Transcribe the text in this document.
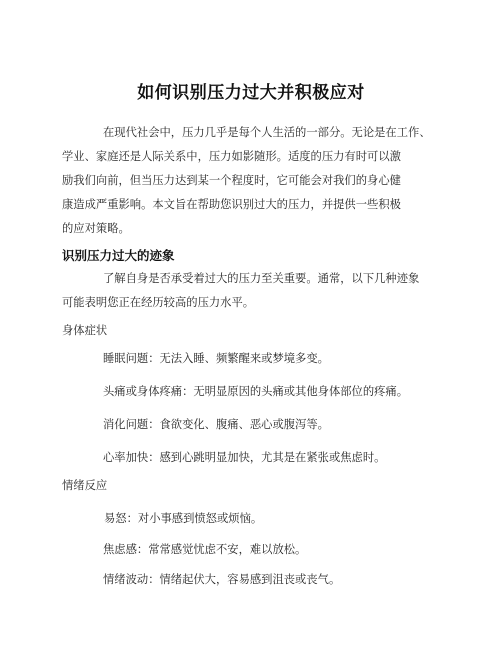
如何识别压力过大并积极应对
在现代社会中，压力几乎是每个人生活的一部分。无论是在工作、
学业、家庭还是人际关系中，压力如影随形。适度的压力有时可以激
励我们向前，但当压力达到某一个程度时，它可能会对我们的身心健
康造成严重影响。本文旨在帮助您识别过大的压力，并提供一些积极
的应对策略。
识别压力过大的迹象
了解自身是否承受着过大的压力至关重要。通常，以下几种迹象
可能表明您正在经历较高的压力水平。
身体症状
睡眠问题：无法入睡、频繁醒来或梦境多变。
头痛或身体疼痛：无明显原因的头痛或其他身体部位的疼痛。
消化问题：食欲变化、腹痛、恶心或腹泻等。
心率加快：感到心跳明显加快，尤其是在紧张或焦虑时。
情绪反应
易怒：对小事感到愤怒或烦恼。
焦虑感：常常感觉忧虑不安，难以放松。
情绪波动：情绪起伏大，容易感到沮丧或丧气。
